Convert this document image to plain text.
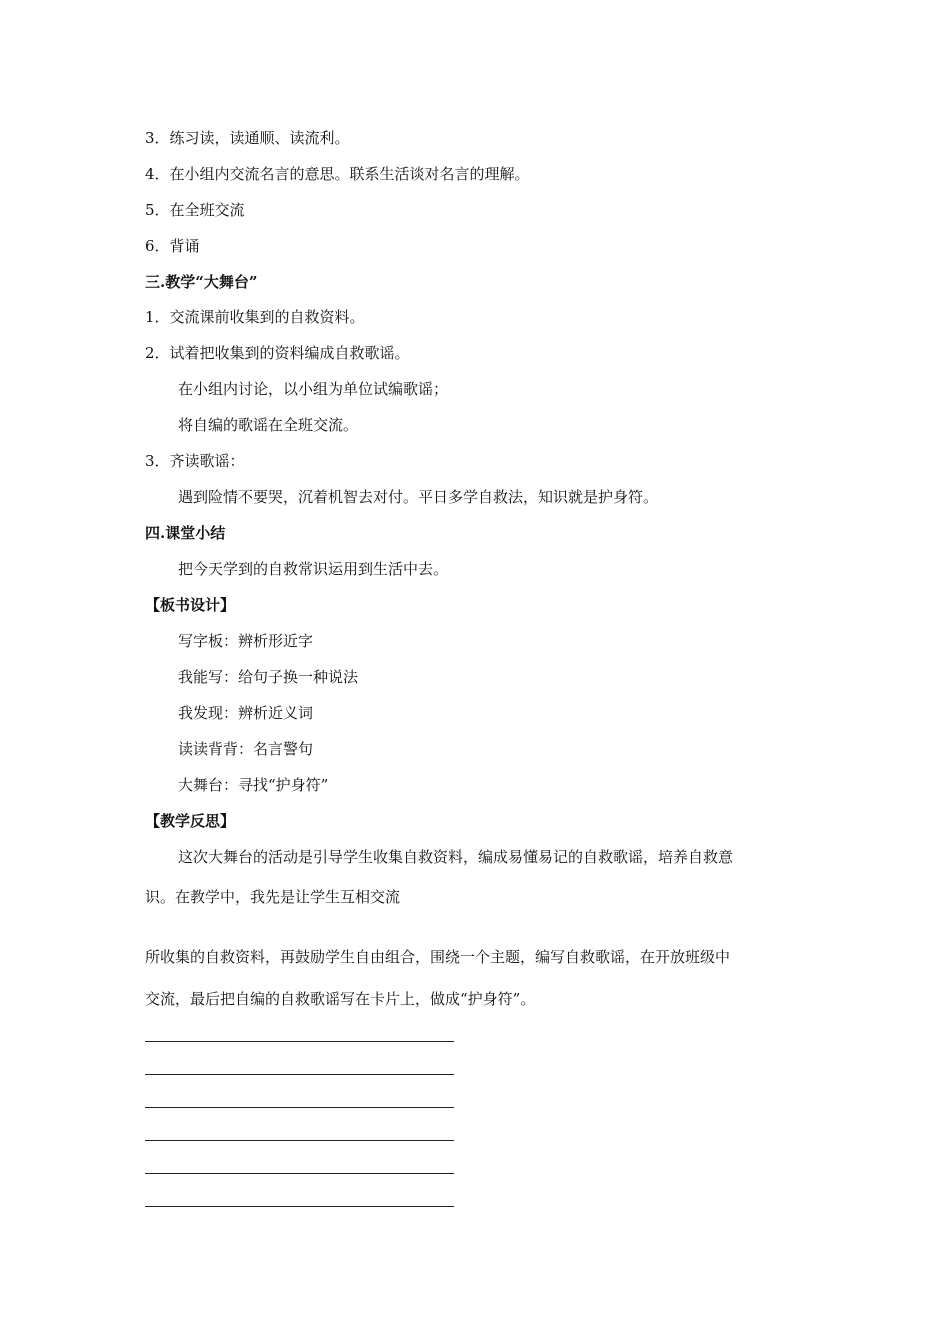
3．练习读，读通顺、读流利。
4．在小组内交流名言的意思。联系生活谈对名言的理解。
5．在全班交流
6．背诵
三.教学“大舞台”
1．交流课前收集到的自救资料。
2．试着把收集到的资料编成自救歌谣。
在小组内讨论，以小组为单位试编歌谣；
将自编的歌谣在全班交流。
3．齐读歌谣：
遇到险情不要哭，沉着机智去对付。平日多学自救法，知识就是护身符。
四.课堂小结
把今天学到的自救常识运用到生活中去。
【板书设计】
写字板：辨析形近字
我能写：给句子换一种说法
我发现：辨析近义词
读读背背：名言警句
大舞台：寻找“护身符”
【教学反思】
这次大舞台的活动是引导学生收集自救资料，编成易懂易记的自救歌谣，培养自救意
识。在教学中，我先是让学生互相交流
所收集的自救资料，再鼓励学生自由组合，围绕一个主题，编写自救歌谣，在开放班级中
交流，最后把自编的自救歌谣写在卡片上，做成“护身符”。
